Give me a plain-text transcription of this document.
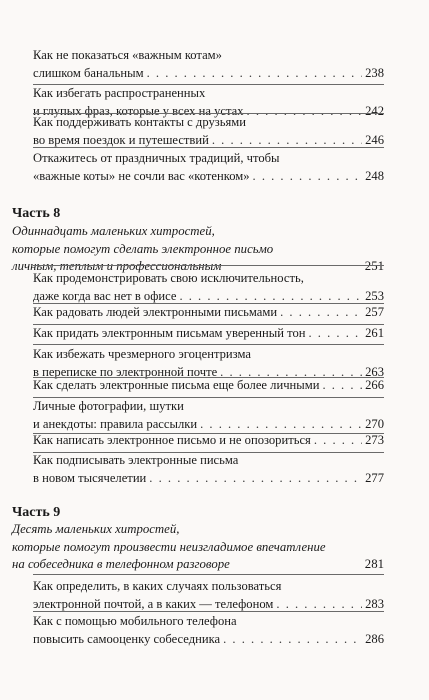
Как не показаться «важным котам»
слишком банальным . . .	238
Как избегать распространенных
и глупых фраз, которые у всех на устах . . .	242
Как поддерживать контакты с друзьями
во время поездок и путешествий . . .	246
Откажитесь от праздничных традиций, чтобы
«важные коты» не сочли вас «котенком» . . .	248
Часть 8
Одиннадцать маленьких хитростей,
которые помогут сделать электронное письмо
личным, теплым и профессиональным	251
Как продемонстрировать свою исключительность,
даже когда вас нет в офисе . . .	253
Как радовать людей электронными письмами . . .	257
Как придать электронным письмам уверенный тон . . .	261
Как избежать чрезмерного эгоцентризма
в переписке по электронной почте . . .	263
Как сделать электронные письма еще более личными . . .	266
Личные фотографии, шутки
и анекдоты: правила рассылки . . .	270
Как написать электронное письмо и не опозориться . . .	273
Как подписывать электронные письма
в новом тысячелетии . . .	277
Часть 9
Десять маленьких хитростей,
которые помогут произвести неизгладимое впечатление
на собеседника в телефонном разговоре	281
Как определить, в каких случаях пользоваться
электронной почтой, а в каких — телефоном . . .	283
Как с помощью мобильного телефона
повысить самооценку собеседника . . .	286
